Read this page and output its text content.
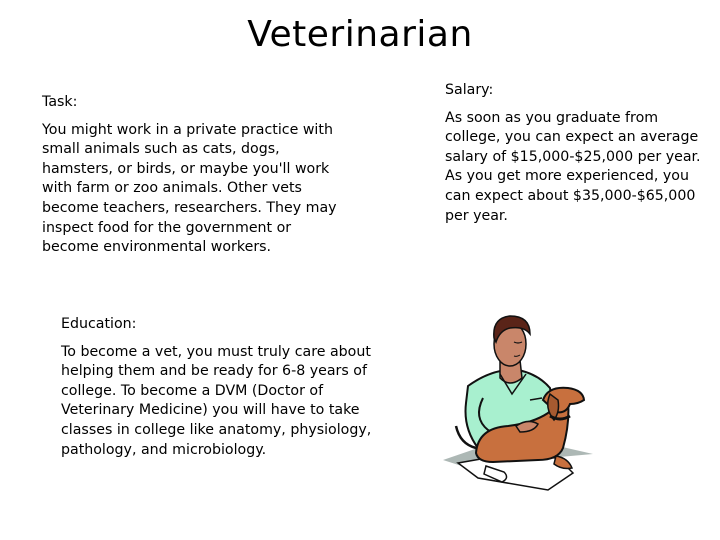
Veterinarian

Task:

You might work in a private practice with small animals such as cats, dogs, hamsters, or birds, or maybe you'll work with farm or zoo animals. Other vets become teachers, researchers. They may inspect food for the government or become environmental workers.

Salary:

As soon as you graduate from college, you can expect an average salary of $15,000-$25,000 per year. As you get more experienced, you can expect about $35,000-$65,000 per year.

Education:

To become a vet, you must truly care about helping them and be ready for 6-8 years of college. To become a DVM (Doctor of Veterinary Medicine) you will have to take classes in college like anatomy, physiology, pathology, and microbiology.
